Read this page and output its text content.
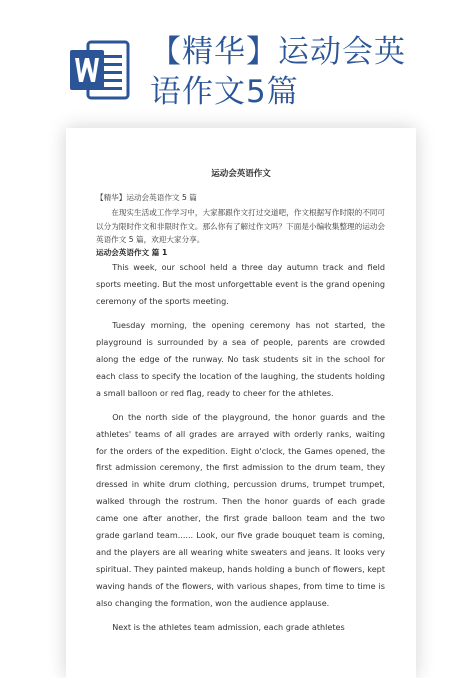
【精华】运动会英
语作文5篇
运动会英语作文

【精华】运动会英语作文 5 篇

在现实生活或工作学习中，大家都跟作文打过交道吧，作文根据写作时限的不同可以分为限时作文和非限时作文。那么你有了解过作文吗？下面是小编收集整理的运动会英语作文 5 篇，欢迎大家分享。

运动会英语作文 篇 1

This week, our school held a three day autumn track and field sports meeting. But the most unforgettable event is the grand opening ceremony of the sports meeting.

Tuesday morning, the opening ceremony has not started, the playground is surrounded by a sea of people, parents are crowded along the edge of the runway. No task students sit in the school for each class to specify the location of the laughing, the students holding a small balloon or red flag, ready to cheer for the athletes.

On the north side of the playground, the honor guards and the athletes' teams of all grades are arrayed with orderly ranks, waiting for the orders of the expedition. Eight o'clock, the Games opened, the first admission ceremony, the first admission to the drum team, they dressed in white drum clothing, percussion drums, trumpet trumpet, walked through the rostrum. Then the honor guards of each grade came one after another, the first grade balloon team and the two grade garland team...... Look, our five grade bouquet team is coming, and the players are all wearing white sweaters and jeans. It looks very spiritual. They painted makeup, hands holding a bunch of flowers, kept waving hands of the flowers, with various shapes, from time to time is also changing the formation, won the audience applause.

Next is the athletes team admission, each grade athletes
